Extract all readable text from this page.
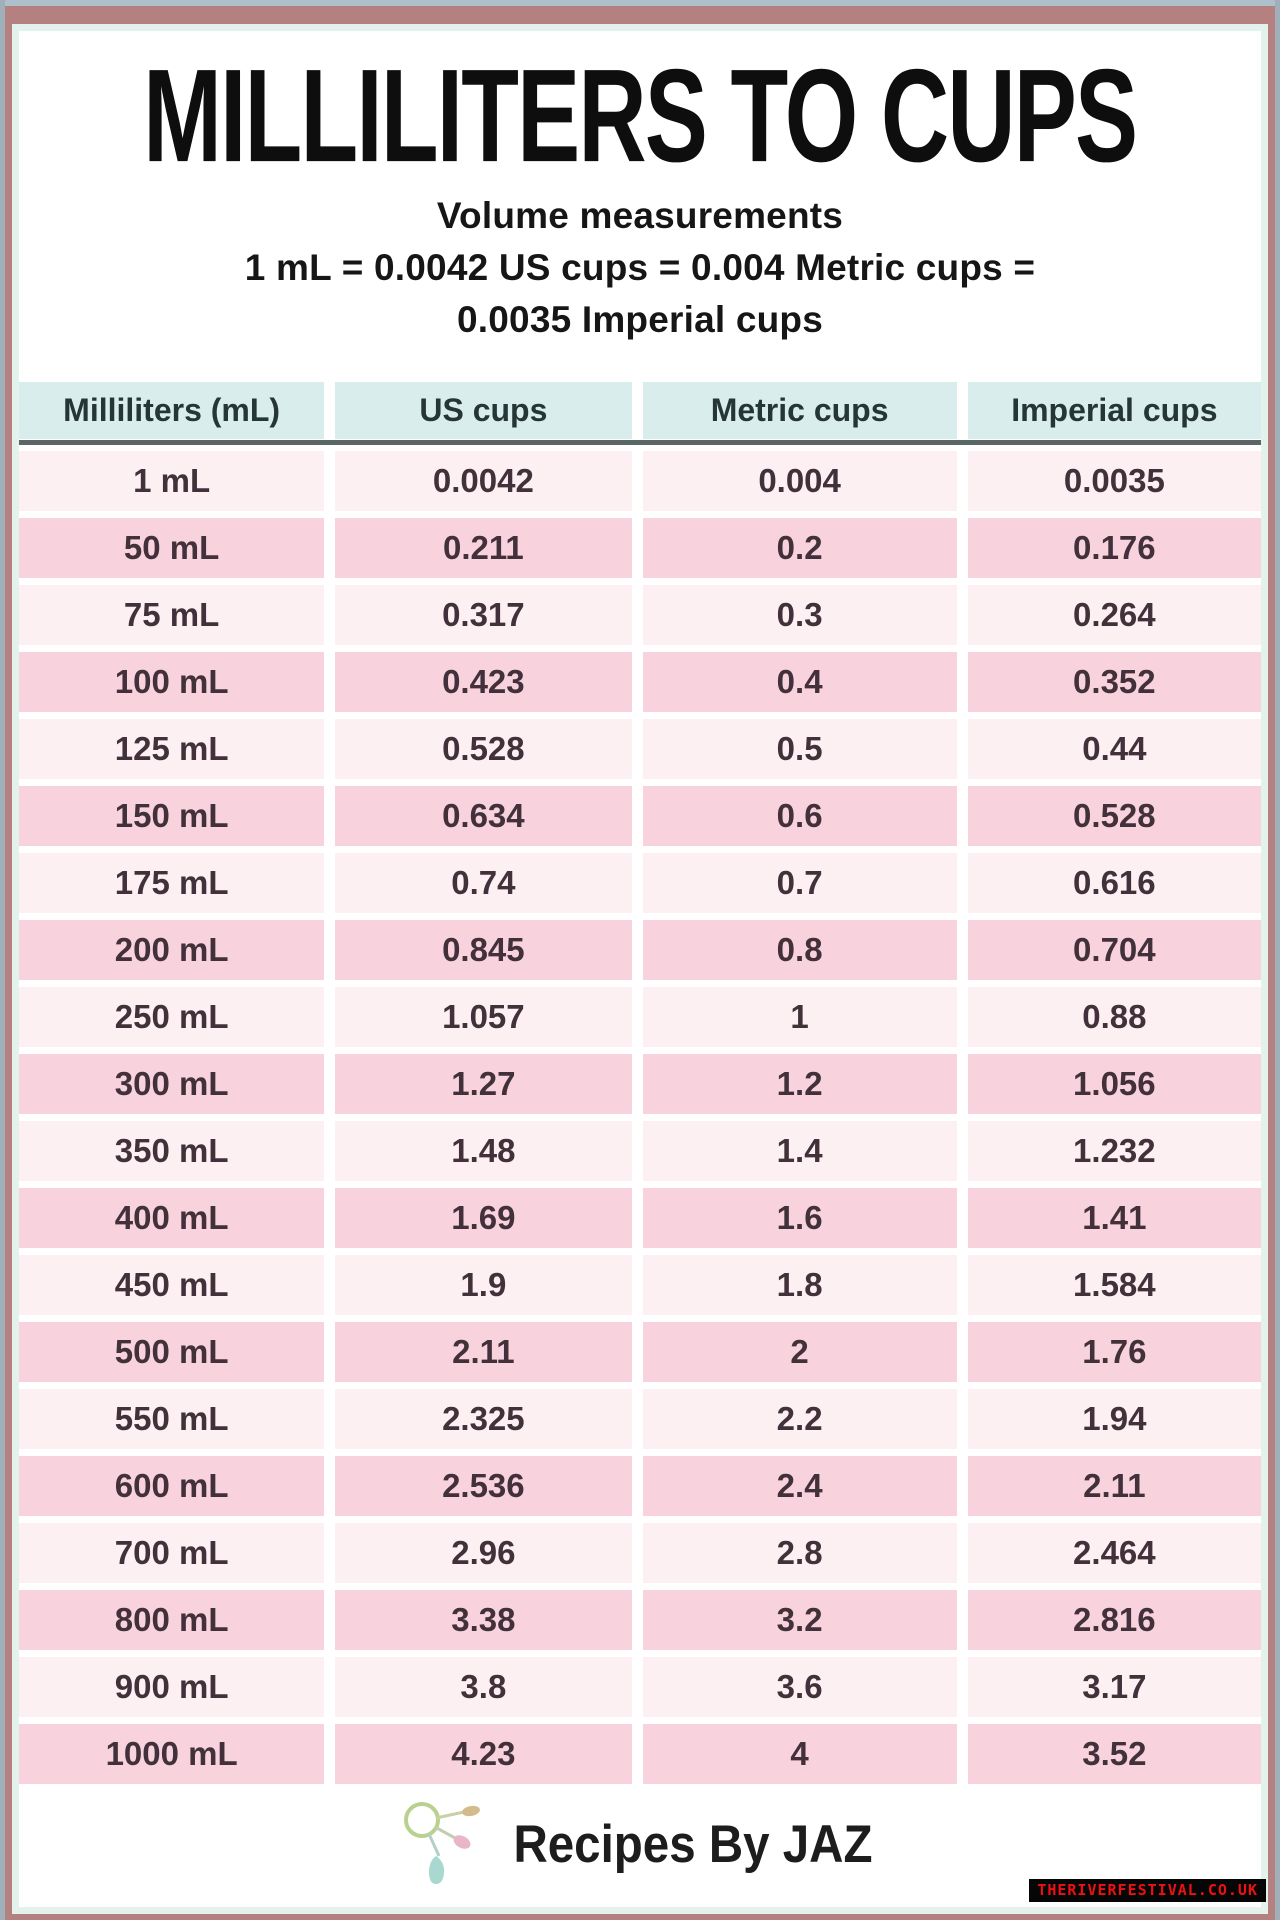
MILLILITERS TO CUPS
Volume measurements
1 mL = 0.0042 US cups = 0.004 Metric cups =
0.0035 Imperial cups
Milliliters (mL)	US cups	Metric cups	Imperial cups
1 mL	0.0042	0.004	0.0035
50 mL	0.211	0.2	0.176
75 mL	0.317	0.3	0.264
100 mL	0.423	0.4	0.352
125 mL	0.528	0.5	0.44
150 mL	0.634	0.6	0.528
175 mL	0.74	0.7	0.616
200 mL	0.845	0.8	0.704
250 mL	1.057	1	0.88
300 mL	1.27	1.2	1.056
350 mL	1.48	1.4	1.232
400 mL	1.69	1.6	1.41
450 mL	1.9	1.8	1.584
500 mL	2.11	2	1.76
550 mL	2.325	2.2	1.94
600 mL	2.536	2.4	2.11
700 mL	2.96	2.8	2.464
800 mL	3.38	3.2	2.816
900 mL	3.8	3.6	3.17
1000 mL	4.23	4	3.52
Recipes By JAZ
THERIVERFESTIVAL.CO.UK
